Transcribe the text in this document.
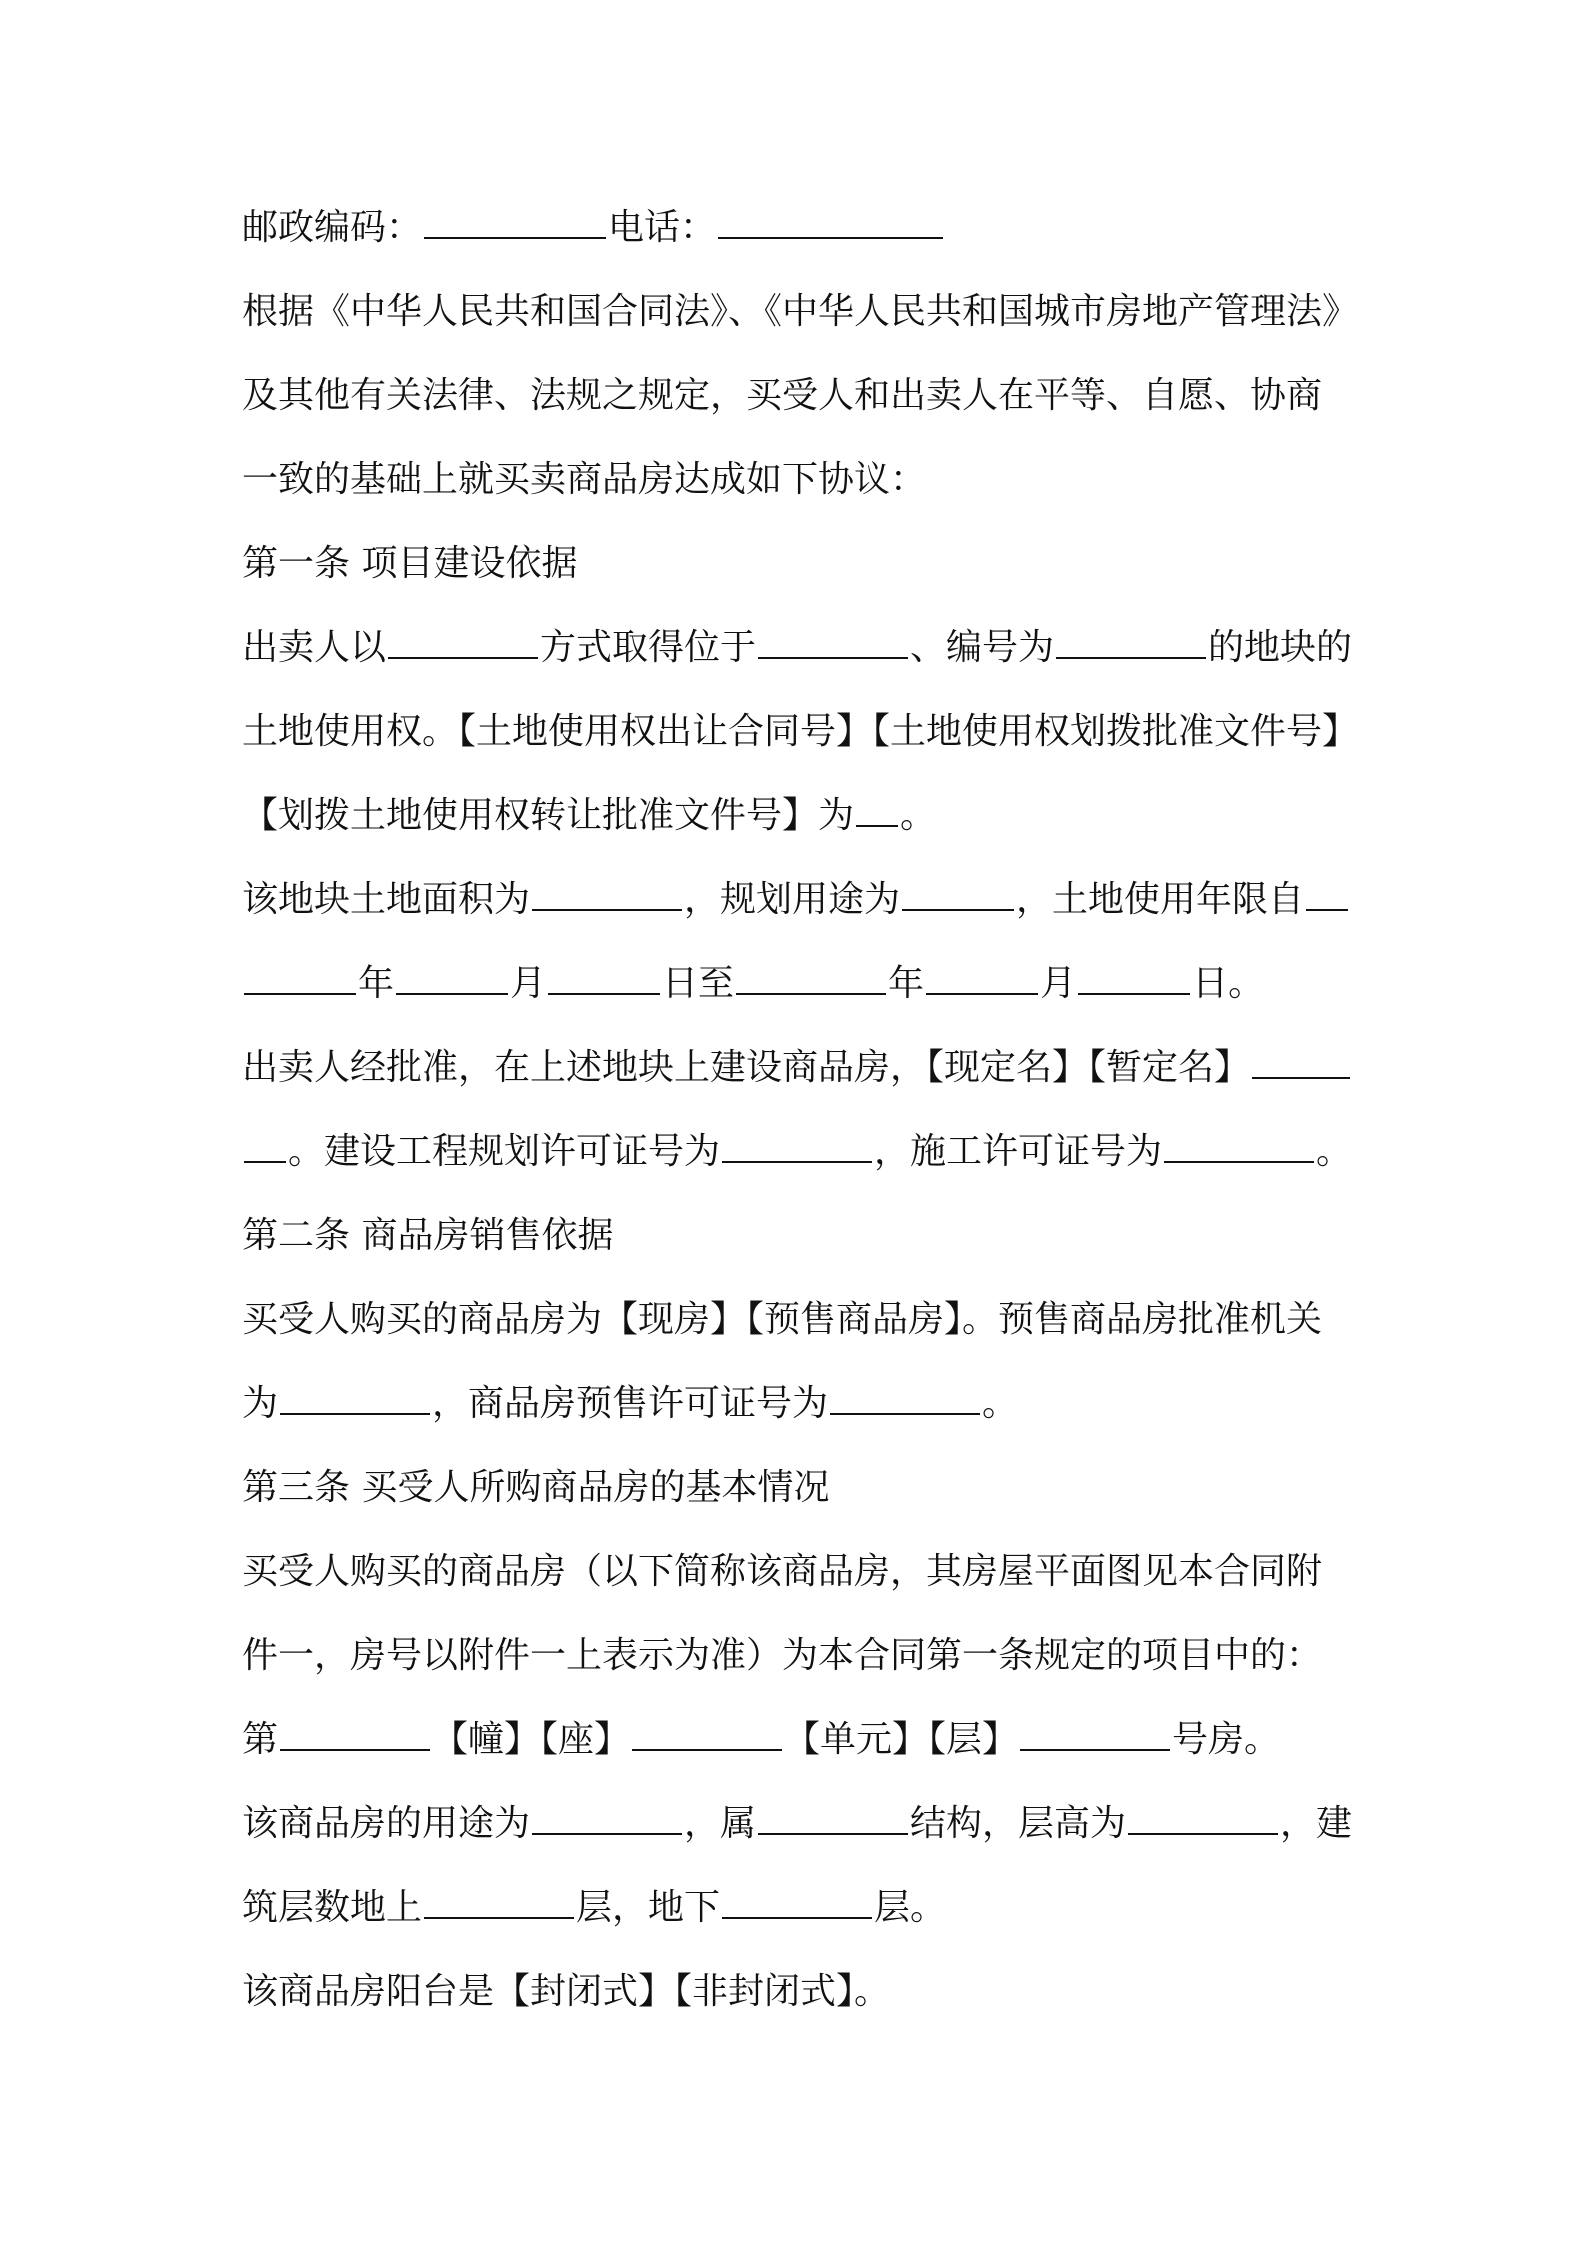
邮政编码：	电话：
根据《中华人民共和国合同法》、《中华人民共和国城市房地产管理法》
及其他有关法律、法规之规定，买受人和出卖人在平等、自愿、协商
一致的基础上就买卖商品房达成如下协议：
第一条 项目建设依据
出卖人以	方式取得位于	、编号为	的地块的
土地使用权。【土地使用权出让合同号】【土地使用权划拨批准文件号】
【划拨土地使用权转让批准文件号】为 。
该地块土地面积为	，规划用途为	，土地使用年限自
年	月	日至	年	月	日。
出卖人经批准，在上述地块上建设商品房，【现定名】【暂定名】
。建设工程规划许可证号为	，施工许可证号为	。
第二条 商品房销售依据
买受人购买的商品房为【现房】【预售商品房】。预售商品房批准机关
为	，商品房预售许可证号为	。
第三条 买受人所购商品房的基本情况
买受人购买的商品房（以下简称该商品房，其房屋平面图见本合同附
件一，房号以附件一上表示为准）为本合同第一条规定的项目中的：
第	【幢】【座】	【单元】【层】	号房。
该商品房的用途为	，属	结构，层高为	，建
筑层数地上	层，地下	层。
该商品房阳台是【封闭式】【非封闭式】。
